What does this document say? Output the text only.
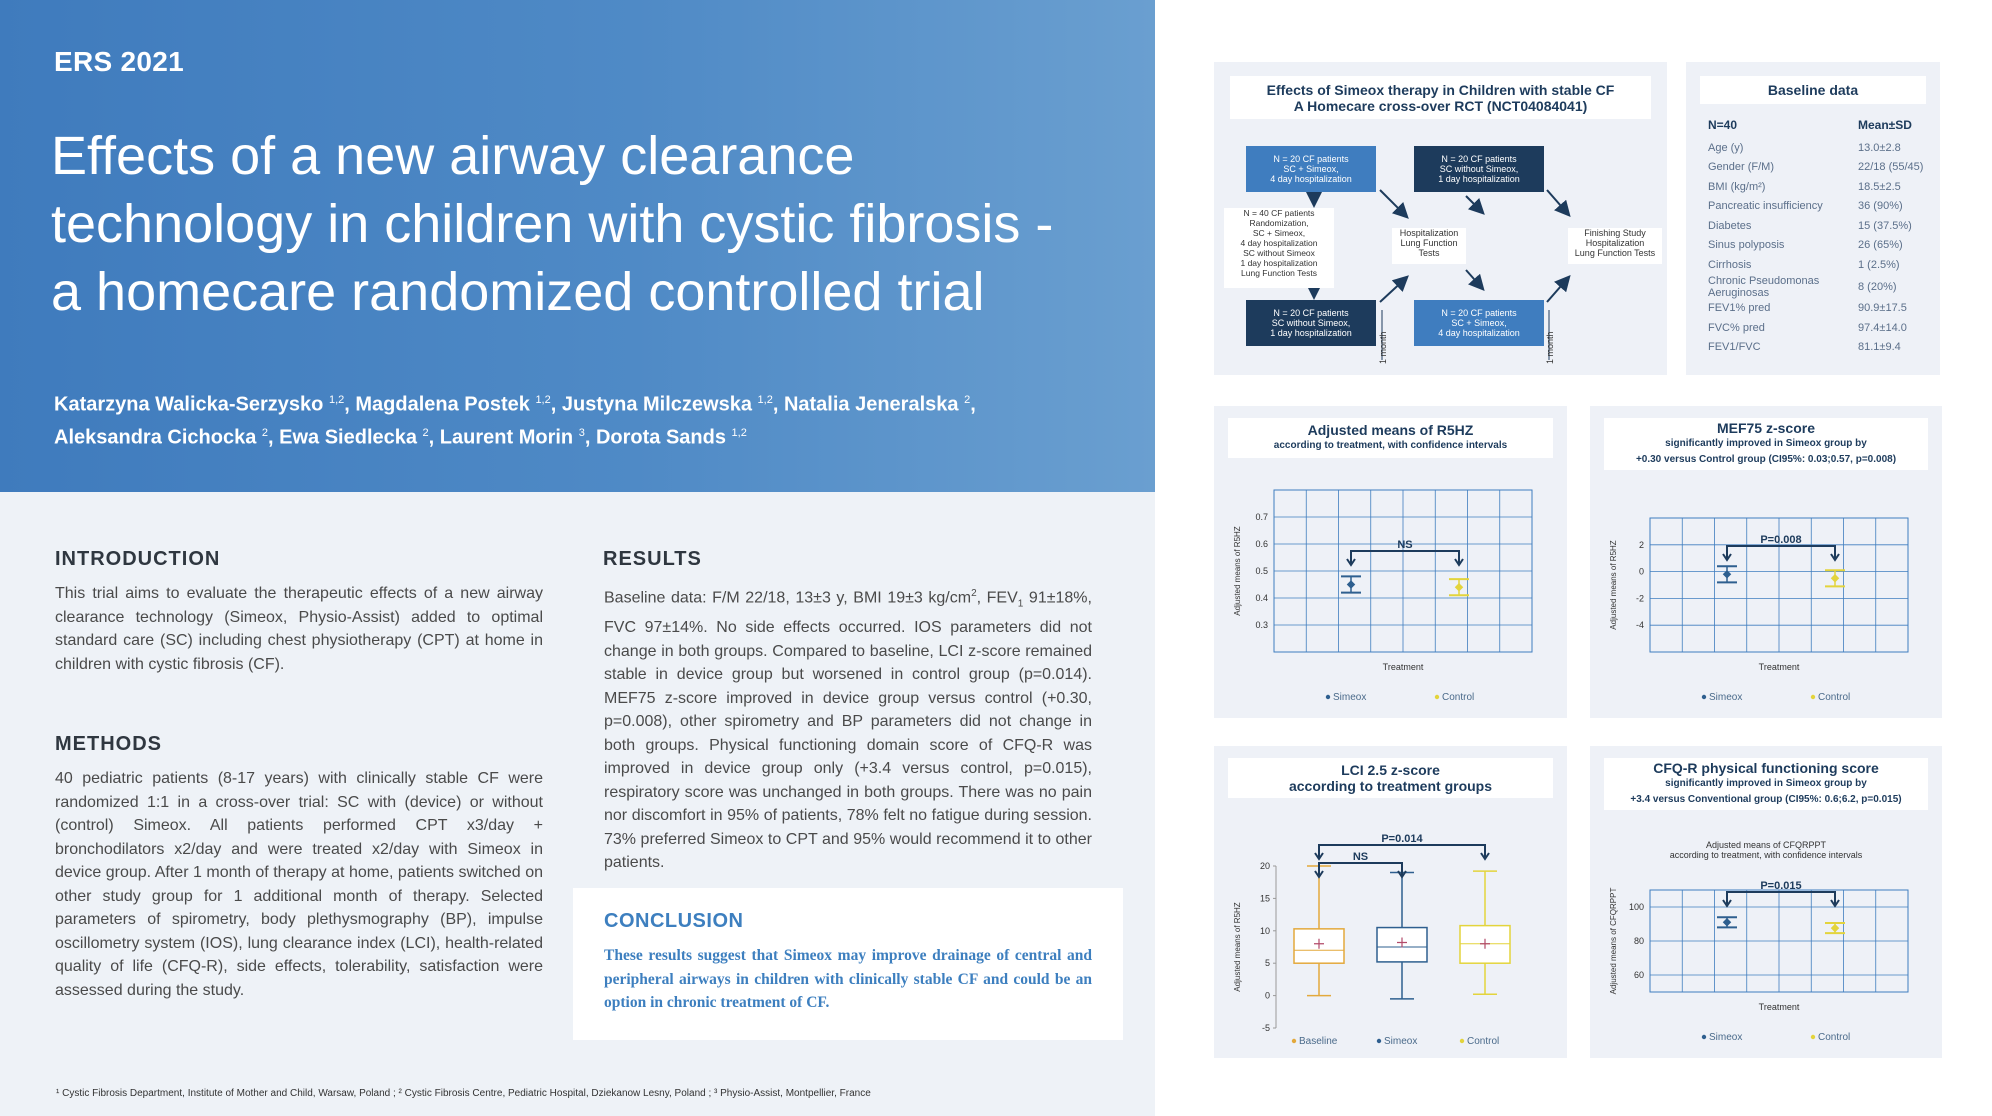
ERS 2021
Effects of a new airway clearance
technology in children with cystic fibrosis -
a homecare randomized controlled trial
Katarzyna Walicka-Serzysko $^{1,2}$, Magdalena Postek $^{1,2}$, Justyna Milczewska $^{1,2}$, Natalia Jeneralska $^2$,
Aleksandra Cichocka $^2$, Ewa Siedlecka $^2$, Laurent Morin $^3$, Dorota Sands $^{1,2}$
INTRODUCTION
This trial aims to evaluate the therapeutic effects of a new airway clearance technology (Simeox, Physio-Assist) added to optimal standard care (SC) including chest physiotherapy (CPT) at home in children with cystic fibrosis (CF).
METHODS
40 pediatric patients (8-17 years) with clinically stable CF were randomized 1:1 in a cross-over trial: SC with (device) or without (control) Simeox. All patients performed CPT x3/day + bronchodilators x2/day and were treated x2/day with Simeox in device group. After 1 month of therapy at home, patients switched on other study group for 1 additional month of therapy. Selected parameters of spirometry, body plethysmography (BP), impulse oscillometry system (IOS), lung clearance index (LCI), health-related quality of life (CFQ-R), side effects, tolerability, satisfaction were assessed during the study.
RESULTS
Baseline data: F/M 22/18, 13±3 y, BMI 19±3 $kg/cm^2$, $FEV_1$ 91±18%, FVC 97±14%. No side effects occurred. IOS parameters did not change in both groups. Compared to baseline, LCI z-score remained stable in device group but worsened in control group (p=0.014). MEF75 z-score improved in device group versus control (+0.30, p=0.008), other spirometry and BP parameters did not change in both groups. Physical functioning domain score of CFQ-R was improved in device group only (+3.4 versus control, p=0.015), respiratory score was unchanged in both groups. There was no pain nor discomfort in 95% of patients, 78% felt no fatigue during session. 73% preferred Simeox to CPT and 95% would recommend it to other patients.
CONCLUSION
These results suggest that Simeox may improve drainage of central and peripheral airways in children with clinically stable CF and could be an option in chronic treatment of CF.
¹ Cystic Fibrosis Department, Institute of Mother and Child, Warsaw, Poland ; ² Cystic Fibrosis Centre, Pediatric Hospital, Dziekanow Lesny, Poland ; ³ Physio-Assist, Montpellier, France
Effects of Simeox therapy in Children with stable CF
A Homecare cross-over RCT (NCT04084041)
1 month	1 month
N = 20 CF patients
SC + Simeox,
4 day hospitalization
N = 20 CF patients
SC without Simeox,
1 day hospitalization
N = 20 CF patients
SC without Simeox,
1 day hospitalization
N = 20 CF patients
SC + Simeox,
4 day hospitalization
N = 40 CF patients
Randomization,
SC + Simeox,
4 day hospitalization
SC without Simeox
1 day hospitalization
Lung Function Tests
Hospitalization
Lung Function
Tests
Finishing Study
Hospitalization
Lung Function Tests
Baseline data
N=40	Mean±SD
Age (y)	13.0±2.8
Gender (F/M)	22/18 (55/45)
BMI (kg/m²)	18.5±2.5
Pancreatic insufficiency	36 (90%)
Diabetes	15 (37.5%)
Sinus polyposis	26 (65%)
Cirrhosis	1 (2.5%)
Chronic Pseudomonas Aeruginosas	8 (20%)
FEV1% pred	90.9±17.5
FVC% pred	97.4±14.0
FEV1/FVC	81.1±9.4
Adjusted means of R5HZ
according to treatment, with confidence intervals
0.3
0.4
0.5
0.6
0.7
Adjusted means of R5HZ
Treatment
NS
Simeox	Control
MEF75 z-score
significantly improved in Simeox group by
+0.30 versus Control group (CI95%: 0.03;0.57, p=0.008)
-4
-2
0
2
Adjusted means of R5HZ
Treatment
P=0.008
Simeox	Control
LCI 2.5 z-score
according to treatment groups
-5
0
5
10
15
20
Adjusted means of R5HZ
P=0.014
NS
Baseline	Simeox	Control
CFQ-R physical functioning score
significantly improved in Simeox group by
+3.4 versus Conventional group (CI95%: 0.6;6.2, p=0.015)
Adjusted means of CFQRPPT
according to treatment, with confidence intervals
60
80
100
Adjusted means of CFQRPPT
Treatment
P=0.015
Simeox	Control
